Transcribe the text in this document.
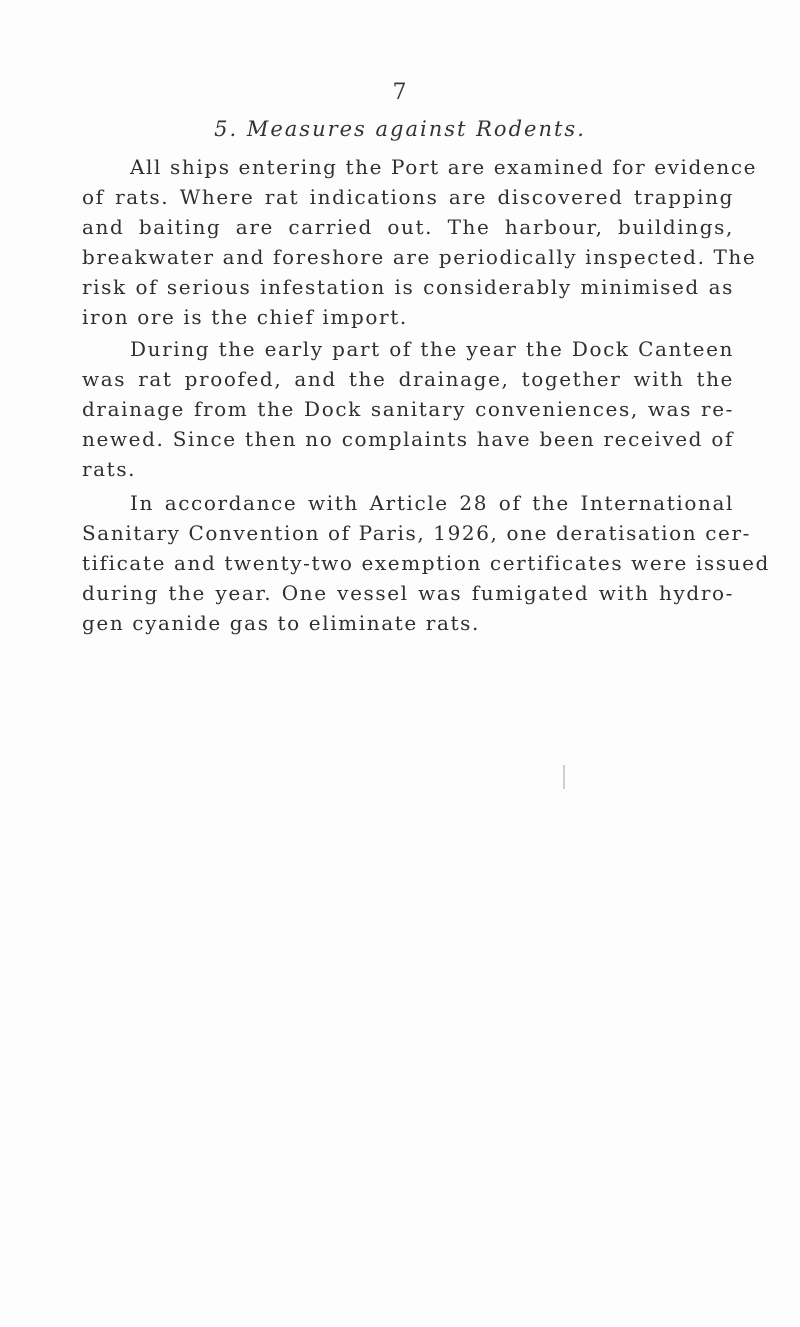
7
5. Measures against Rodents.
All ships entering the Port are examined for evidence
of rats. Where rat indications are discovered trapping
and baiting are carried out. The harbour, buildings,
breakwater and foreshore are periodically inspected. The
risk of serious infestation is considerably minimised as
iron ore is the chief import.
During the early part of the year the Dock Canteen
was rat proofed, and the drainage, together with the
drainage from the Dock sanitary conveniences, was re-
newed. Since then no complaints have been received of
rats.
In accordance with Article 28 of the International
Sanitary Convention of Paris, 1926, one deratisation cer-
tificate and twenty-two exemption certificates were issued
during the year. One vessel was fumigated with hydro-
gen cyanide gas to eliminate rats.
